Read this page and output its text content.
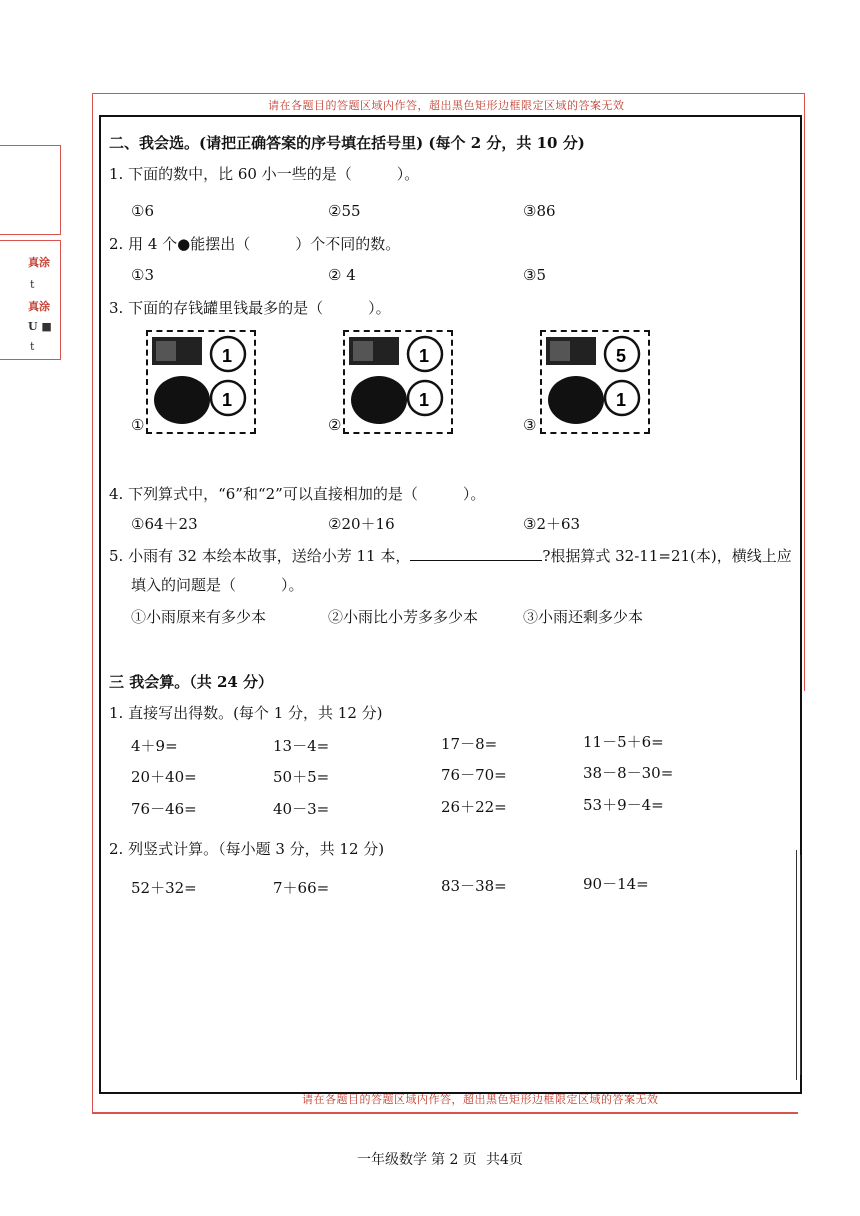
请在各题目的答题区域内作答，超出黑色矩形边框限定区域的答案无效
请在各题目的答题区域内作答，超出黑色矩形边框限定区域的答案无效
真涂
t
真涂
U ■
t
二、我会选。(请把正确答案的序号填在括号里) (每个 2 分，共 10 分)
1. 下面的数中，比 60 小一些的是（　　　）。
①6	②55	③86
2. 用 4 个●能摆出（　　　）个不同的数。
①3	② 4	③5
3. 下面的存钱罐里钱最多的是（　　　）。
1
1
①
1
1
②
5
1
③
4. 下列算式中，“6”和“2”可以直接相加的是（　　　）。
①64＋23	②20＋16	③2＋63
5. 小雨有 32 本绘本故事，送给小芳 11 本，	?根据算式 32-11=21(本)，横线上应
填入的问题是（　　　）。
①小雨原来有多少本	②小雨比小芳多多少本	③小雨还剩多少本
三 我会算。（共 24 分）
1. 直接写出得数。(每个 1 分，共 12 分)
4＋9=	13－4=	17－8=	11－5＋6=
20＋40=	50＋5=	76－70=	38－8－30=
76－46=	40－3=	26＋22=	53＋9－4=
2. 列竖式计算。（每小题 3 分，共 12 分)
52＋32=	7＋66=	83－38=	90－14=
一年级数学 第 2 页 共4页
